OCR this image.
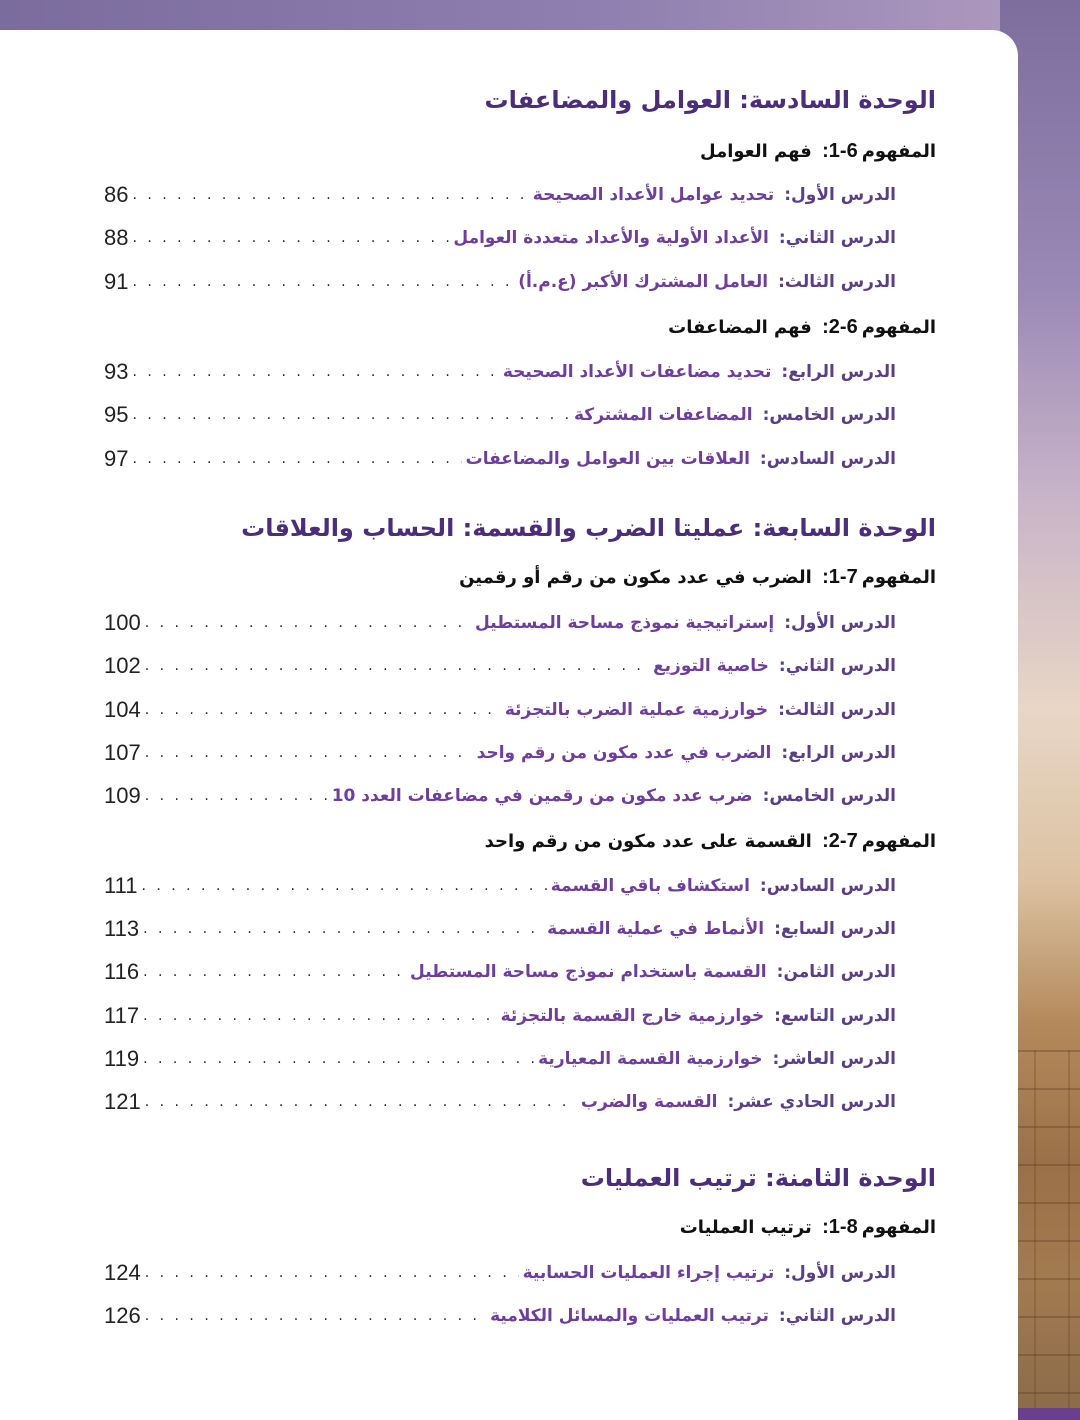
الوحدة السادسة: العوامل والمضاعفات
المفهوم6-1: فهم العوامل
الدرس الأول:
تحديد عوامل الأعداد الصحيحة
. . .
86
الدرس الثاني:
الأعداد الأولية والأعداد متعددة العوامل
. . .
88
الدرس الثالث:
العامل المشترك الأكبر (ع.م.أ)
. . .
91
المفهوم6-2: فهم المضاعفات
الدرس الرابع:
تحديد مضاعفات الأعداد الصحيحة
. . .
93
الدرس الخامس:
المضاعفات المشتركة
. . .
95
الدرس السادس:
العلاقات بين العوامل والمضاعفات
. . .
97
الوحدة السابعة: عمليتا الضرب والقسمة: الحساب والعلاقات
المفهوم7-1: الضرب في عدد مكون من رقم أو رقمين
الدرس الأول:
إستراتيجية نموذج مساحة المستطيل
. . .
100
الدرس الثاني:
خاصية التوزيع
. . .
102
الدرس الثالث:
خوارزمية عملية الضرب بالتجزئة
. . .
104
الدرس الرابع:
الضرب في عدد مكون من رقم واحد
. . .
107
الدرس الخامس:
ضرب عدد مكون من رقمين في مضاعفات العدد 10
. . .
109
المفهوم7-2: القسمة على عدد مكون من رقم واحد
الدرس السادس:
استكشاف باقي القسمة
. . .
111
الدرس السابع:
الأنماط في عملية القسمة
. . .
113
الدرس الثامن:
القسمة باستخدام نموذج مساحة المستطيل
. . .
116
الدرس التاسع:
خوارزمية خارج القسمة بالتجزئة
. . .
117
الدرس العاشر:
خوارزمية القسمة المعيارية
. . .
119
الدرس الحادي عشر:
القسمة والضرب
. . .
121
الوحدة الثامنة: ترتيب العمليات
المفهوم8-1: ترتيب العمليات
الدرس الأول:
ترتيب إجراء العمليات الحسابية
. . .
124
الدرس الثاني:
ترتيب العمليات والمسائل الكلامية
. . .
126
